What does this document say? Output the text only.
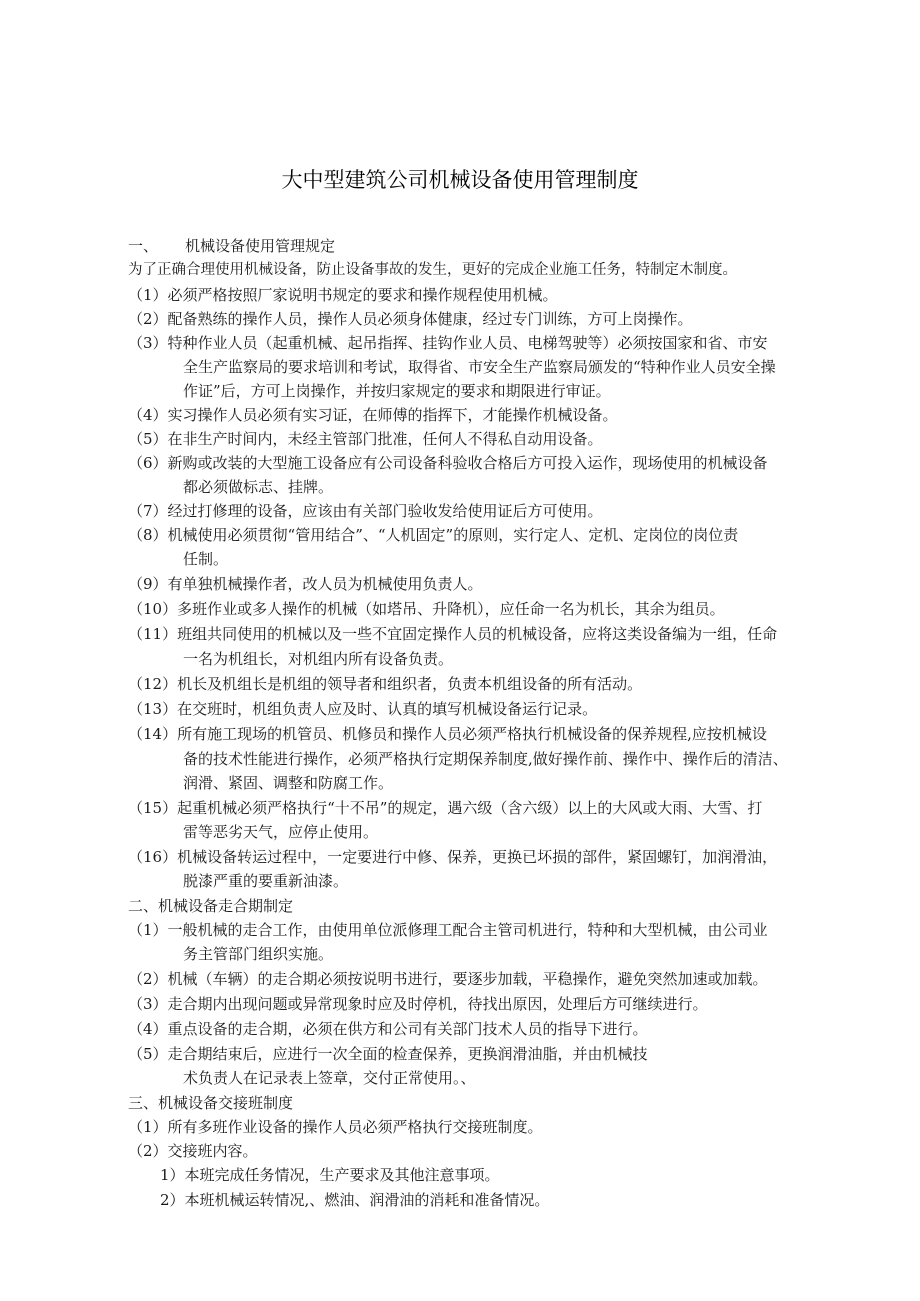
大中型建筑公司机械设备使用管理制度
一、 机械设备使用管理规定
为了正确合理使用机械设备，防止设备事故的发生，更好的完成企业施工任务，特制定木制度。
（1）必须严格按照厂家说明书规定的要求和操作规程使用机械。
（2）配备熟练的操作人员，操作人员必须身体健康，经过专门训练，方可上岗操作。
（3）特种作业人员（起重机械、起吊指挥、挂钩作业人员、电梯驾驶等）必须按国家和省、市安
全生产监察局的要求培训和考试，取得省、市安全生产监察局颁发的“特种作业人员安全操
作证”后，方可上岗操作，并按归家规定的要求和期限进行审证。
（4）实习操作人员必须有实习证，在师傅的指挥下，才能操作机械设备。
（5）在非生产时间内，未经主管部门批准，任何人不得私自动用设备。
（6）新购或改装的大型施工设备应有公司设备科验收合格后方可投入运作，现场使用的机械设备
都必须做标志、挂牌。
（7）经过打修理的设备，应该由有关部门验收发给使用证后方可使用。
（8）机械使用必须贯彻“管用结合”、“人机固定”的原则，实行定人、定机、定岗位的岗位责
任制。
（9）有单独机械操作者，改人员为机械使用负责人。
（10）多班作业或多人操作的机械（如塔吊、升降机），应任命一名为机长，其余为组员。
（11）班组共同使用的机械以及一些不宜固定操作人员的机械设备，应将这类设备编为一组，任命
一名为机组长，对机组内所有设备负责。
（12）机长及机组长是机组的领导者和组织者，负责本机组设备的所有活动。
（13）在交班时，机组负责人应及时、认真的填写机械设备运行记录。
（14）所有施工现场的机管员、机修员和操作人员必须严格执行机械设备的保养规程,应按机械设
备的技术性能进行操作，必须严格执行定期保养制度,做好操作前、操作中、操作后的清洁、
润滑、紧固、调整和防腐工作。
（15）起重机械必须严格执行“十不吊”的规定，遇六级（含六级）以上的大风或大雨、大雪、打
雷等恶劣天气，应停止使用。
（16）机械设备转运过程中，一定要进行中修、保养，更换已坏损的部件，紧固螺钉，加润滑油，
脱漆严重的要重新油漆。
二、机械设备走合期制定
（1）一般机械的走合工作，由使用单位派修理工配合主管司机进行，特种和大型机械，由公司业
务主管部门组织实施。
（2）机械（车辆）的走合期必须按说明书进行，要逐步加载，平稳操作，避免突然加速或加载。
（3）走合期内出现问题或异常现象时应及时停机，待找出原因，处理后方可继续进行。
（4）重点设备的走合期，必须在供方和公司有关部门技术人员的指导下进行。
（5）走合期结束后，应进行一次全面的检查保养，更换润滑油脂，并由机械技
术负责人在记录表上签章，交付正常使用。、
三、机械设备交接班制度
（1）所有多班作业设备的操作人员必须严格执行交接班制度。
（2）交接班内容。
1）本班完成任务情况，生产要求及其他注意事项。
2）本班机械运转情况,、燃油、润滑油的消耗和准备情况。
